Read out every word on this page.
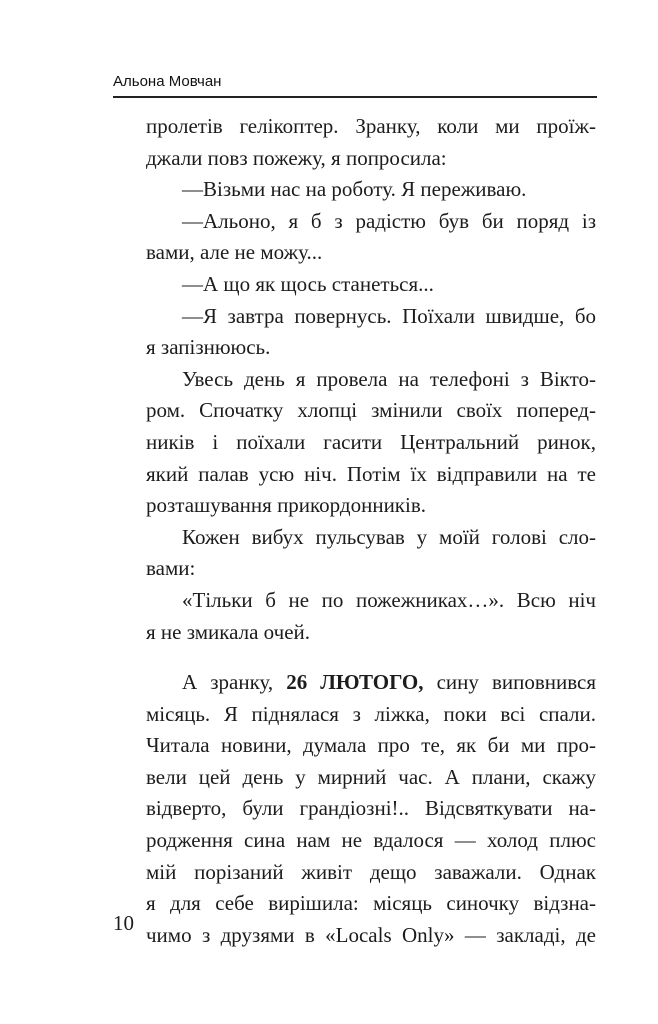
Альона Мовчан
пролетів гелікоптер. Зранку, коли ми проїж-
джали повз пожежу, я попросила:
—Візьми нас на роботу. Я переживаю.
—Альоно, я б з радістю був би поряд із
вами, але не можу...
—А що як щось станеться...
—Я завтра повернусь. Поїхали швидше, бо
я запізнююсь.
Увесь день я провела на телефоні з Вікто-
ром. Спочатку хлопці змінили своїх поперед-
ників і поїхали гасити Центральний ринок,
який палав усю ніч. Потім їх відправили на те
розташування прикордонників.
Кожен вибух пульсував у моїй голові сло-
вами:
«Тільки б не по пожежниках…». Всю ніч
я не змикала очей.
А зранку, 26 ЛЮТОГО, сину виповнився
місяць. Я піднялася з ліжка, поки всі спали.
Читала новини, думала про те, як би ми про-
вели цей день у мирний час. А плани, скажу
відверто, були грандіозні!.. Відсвяткувати на-
родження сина нам не вдалося — холод плюс
мій порізаний живіт дещо заважали. Однак
я для себе вирішила: місяць синочку відзна-
чимо з друзями в «Locals Only» — закладі, де
10
